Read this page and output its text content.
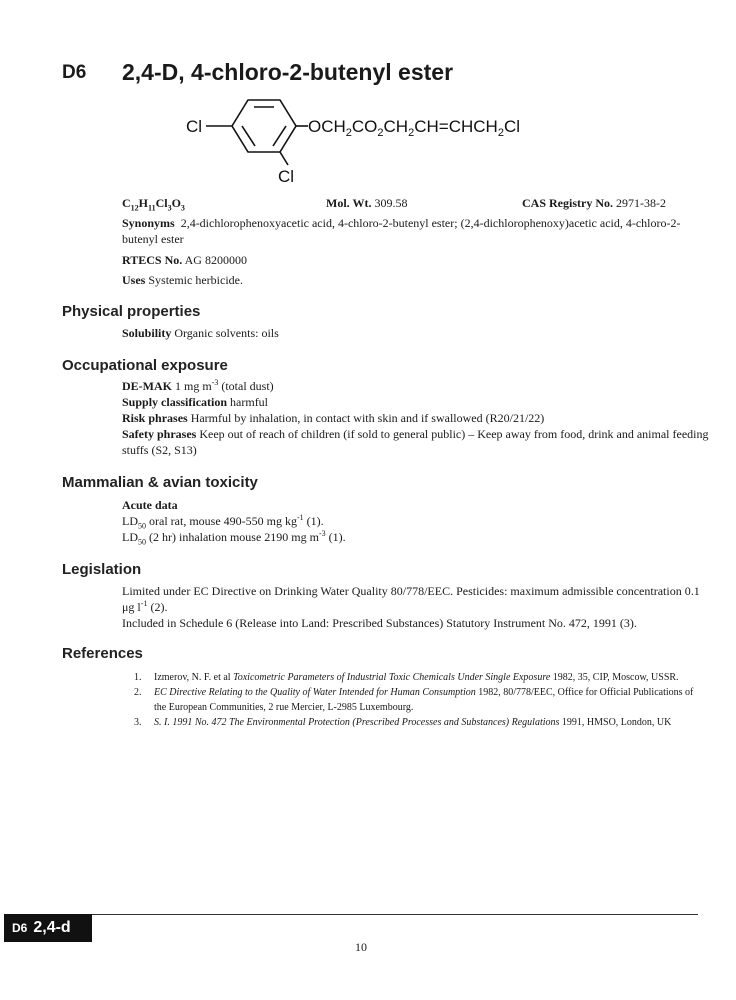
D6 2,4-D, 4-chloro-2-butenyl ester
Cl
Cl
$OCH_2CO_2CH_2CH=CHCH_2Cl$
$C_{12}H_{11}Cl_3O_3$	Mol. Wt. 309.58	CAS Registry No. 2971-38-2
Synonyms 2,4-dichlorophenoxyacetic acid, 4-chloro-2-butenyl ester; (2,4-dichlorophenoxy)acetic acid, 4-chloro-2-butenyl ester
RTECS No. AG 8200000
Uses Systemic herbicide.
Physical properties

Solubility Organic solvents: oils

Occupational exposure

DE-MAK 1 mg $m^{-3}$ (total dust)

Supply classification harmful

Risk phrases Harmful by inhalation, in contact with skin and if swallowed (R20/21/22)

Safety phrases Keep out of reach of children (if sold to general public) – Keep away from food, drink and animal feeding stuffs (S2, S13)

Mammalian & avian toxicity

Acute data

$LD_{50}$ oral rat, mouse 490-550 mg $kg^{-1}$ (1).

$LD_{50}$ (2 hr) inhalation mouse 2190 mg $m^{-3}$ (1).

Legislation

Limited under EC Directive on Drinking Water Quality 80/778/EEC. Pesticides: maximum admissible concentration 0.1 μg $l^{-1}$ (2).

Included in Schedule 6 (Release into Land: Prescribed Substances) Statutory Instrument No. 472, 1991 (3).

References
1. Izmerov, N. F. et al Toxicometric Parameters of Industrial Toxic Chemicals Under Single Exposure 1982, 35, CIP, Moscow, USSR.
2. EC Directive Relating to the Quality of Water Intended for Human Consumption 1982, 80/778/EEC, Office for Official Publications of the European Communities, 2 rue Mercier, L-2985 Luxembourg.
3. S. I. 1991 No. 472 The Environmental Protection (Prescribed Processes and Substances) Regulations 1991, HMSO, London, UK
D6 2,4-d
10
